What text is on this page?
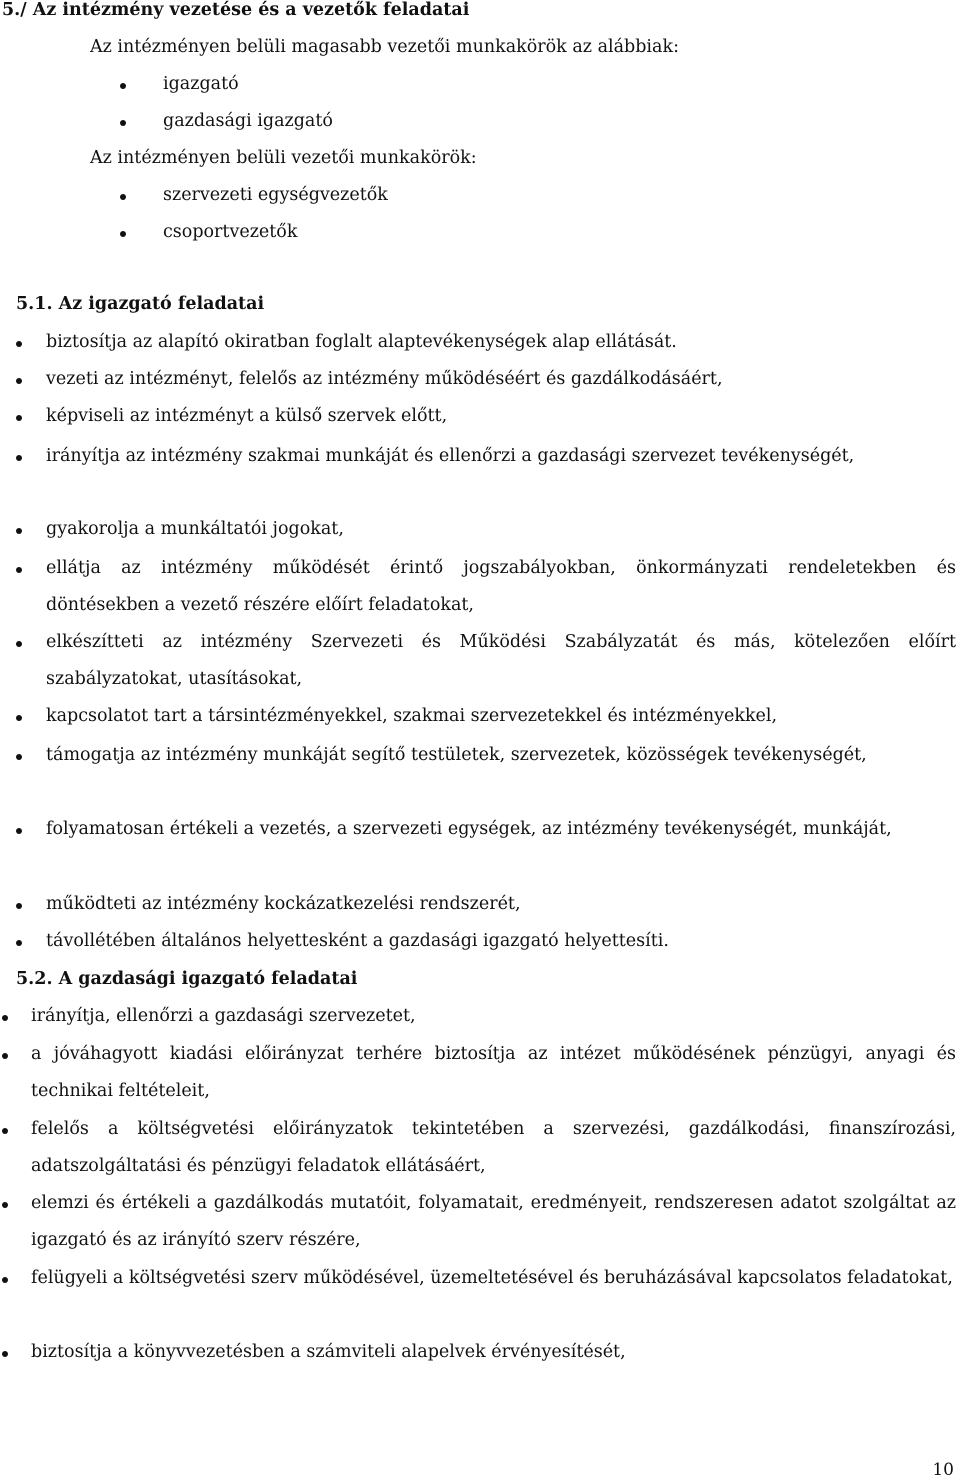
5./ Az intézmény vezetése és a vezetők feladatai
Az intézményen belüli magasabb vezetői munkakörök az alábbiak:
igazgató
gazdasági igazgató
Az intézményen belüli vezetői munkakörök:
szervezeti egységvezetők
csoportvezetők
5.1. Az igazgató feladatai
biztosítja az alapító okiratban foglalt alaptevékenységek alap ellátását.
vezeti az intézményt, felelős az intézmény működéséért és gazdálkodásáért,
képviseli az intézményt a külső szervek előtt,
irányítja az intézmény szakmai munkáját és ellenőrzi a gazdasági szervezet tevékenységét,
gyakorolja a munkáltatói jogokat,
ellátja az intézmény működését érintő jogszabályokban, önkormányzati rendeletekben és döntésekben a vezető részére előírt feladatokat,
elkészítteti az intézmény Szervezeti és Működési Szabályzatát és más, kötelezően előírt szabályzatokat, utasításokat,
kapcsolatot tart a társintézményekkel, szakmai szervezetekkel és intézményekkel,
támogatja az intézmény munkáját segítő testületek, szervezetek, közösségek tevékenységét,
folyamatosan értékeli a vezetés, a szervezeti egységek, az intézmény tevékenységét, munkáját,
működteti az intézmény kockázatkezelési rendszerét,
távollétében általános helyettesként a gazdasági igazgató helyettesíti.
5.2. A gazdasági igazgató feladatai
irányítja, ellenőrzi a gazdasági szervezetet,
a jóváhagyott kiadási előirányzat terhére biztosítja az intézet működésének pénzügyi, anyagi és technikai feltételeit,
felelős a költségvetési előirányzatok tekintetében a szervezési, gazdálkodási, finanszírozási, adatszolgáltatási és pénzügyi feladatok ellátásáért,
elemzi és értékeli a gazdálkodás mutatóit, folyamatait, eredményeit, rendszeresen adatot szolgáltat az igazgató és az irányító szerv részére,
felügyeli a költségvetési szerv működésével, üzemeltetésével és beruházásával kapcsolatos feladatokat,
biztosítja a könyvvezetésben a számviteli alapelvek érvényesítését,
10
